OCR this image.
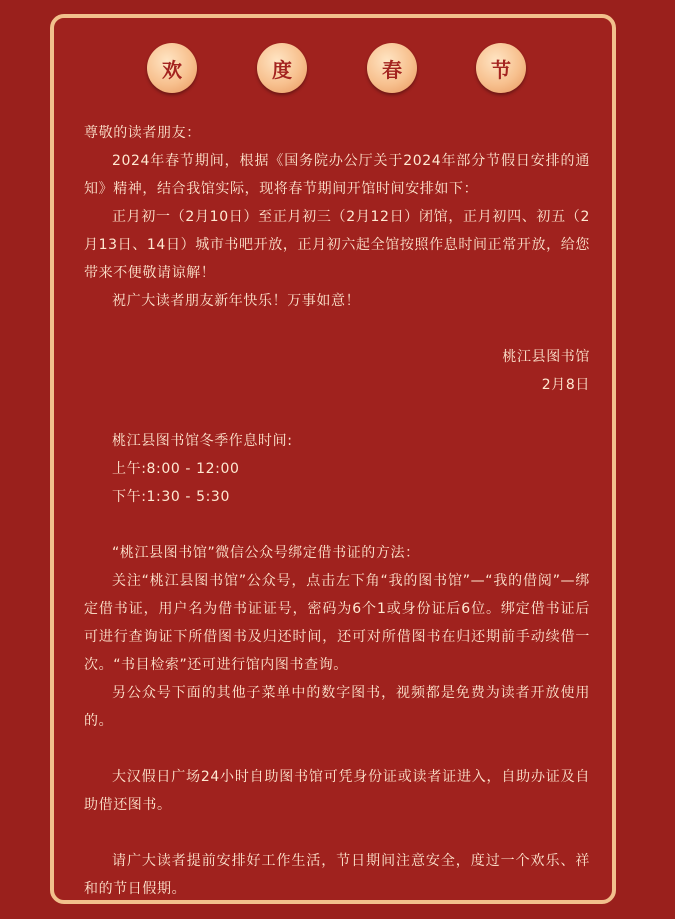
欢	度	春	节

尊敬的读者朋友：

2024年春节期间，根据《国务院办公厅关于2024年部分节假日安排的通知》精神，结合我馆实际，现将春节期间开馆时间安排如下：

正月初一（2月10日）至正月初三（2月12日）闭馆，正月初四、初五（2月13日、14日）城市书吧开放，正月初六起全馆按照作息时间正常开放，给您带来不便敬请谅解！

祝广大读者朋友新年快乐！万事如意！

桃江县图书馆

2月8日

桃江县图书馆冬季作息时间:

上午:8:00 - 12:00

下午:1:30 - 5:30

“桃江县图书馆”微信公众号绑定借书证的方法：

关注“桃江县图书馆”公众号，点击左下角“我的图书馆”—“我的借阅”—绑定借书证，用户名为借书证证号，密码为6个1或身份证后6位。绑定借书证后可进行查询证下所借图书及归还时间，还可对所借图书在归还期前手动续借一次。“书目检索”还可进行馆内图书查询。

另公众号下面的其他子菜单中的数字图书，视频都是免费为读者开放使用的。

大汉假日广场24小时自助图书馆可凭身份证或读者证进入，自助办证及自助借还图书。

请广大读者提前安排好工作生活，节日期间注意安全，度过一个欢乐、祥和的节日假期。
